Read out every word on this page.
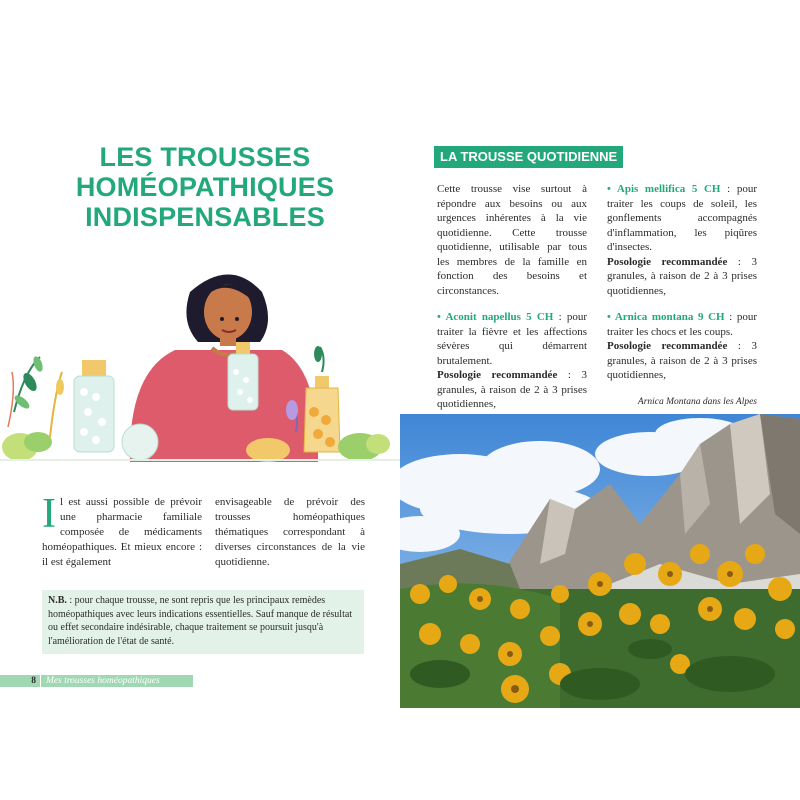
LES TROUSSES HOMÉOPATHIQUES INDISPENSABLES
Il est aussi possible de prévoir une pharmacie familiale composée de médicaments homéopathiques. Et mieux encore : il est également
envisageable de prévoir des trousses homéopathiques thématiques correspondant à diverses circonstances de la vie quotidienne.
N.B. : pour chaque trousse, ne sont repris que les principaux remèdes homéopathiques avec leurs indications essentielles. Sauf manque de résultat ou effet secondaire indésirable, chaque traitement se poursuit jusqu'à l'amélioration de l'état de santé.
8	Mes trousses homéopathiques
LA TROUSSE QUOTIDIENNE

Cette trousse vise surtout à répondre aux besoins ou aux urgences inhérentes à la vie quotidienne. Cette trousse quotidienne, utilisable par tous les membres de la famille en fonction des besoins et circonstances.

• Aconit napellus 5 CH : pour traiter la fièvre et les affections sévères qui démarrent brutalement.
Posologie recommandée : 3 granules, à raison de 2 à 3 prises quotidiennes,

• Apis mellifica 5 CH : pour traiter les coups de soleil, les gonflements accompagnés d'inflammation, les piqûres d'insectes.
Posologie recommandée : 3 granules, à raison de 2 à 3 prises quotidiennes,

• Arnica montana 9 CH : pour traiter les chocs et les coups.
Posologie recommandée : 3 granules, à raison de 2 à 3 prises quotidiennes,

Arnica Montana dans les Alpes
